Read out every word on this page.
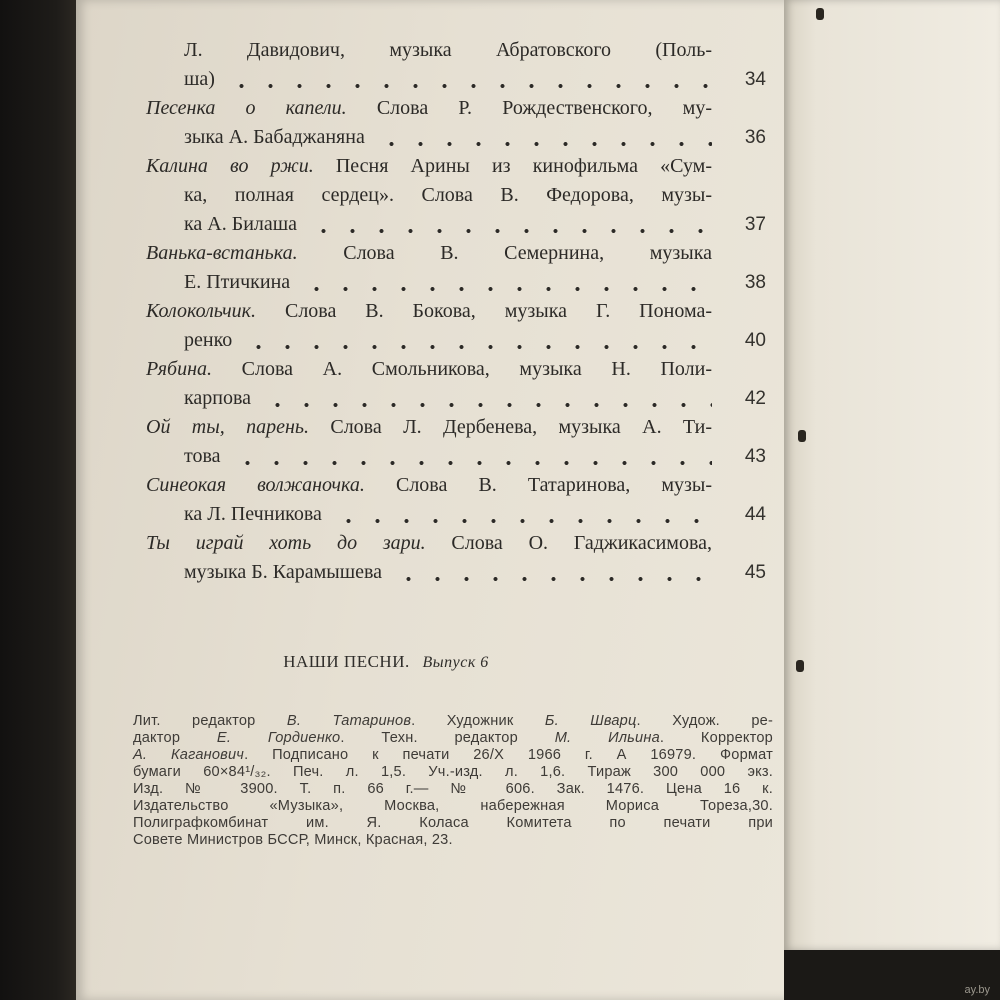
Л. Давидович, музыка Абратовского (Поль-
ша)	34
Песенка о капели. Слова Р. Рождественского, му-
зыка А. Бабаджаняна	36
Калина во ржи. Песня Арины из кинофильма «Сум-
ка, полная сердец». Слова В. Федорова, музы-
ка А. Билаша	37
Ванька-встанька. Слова В. Семернина, музыка
Е. Птичкина	38
Колокольчик. Слова В. Бокова, музыка Г. Понома-
ренко	40
Рябина. Слова А. Смольникова, музыка Н. Поли-
карпова	42
Ой ты, парень. Слова Л. Дербенева, музыка А. Ти-
това	43
Синеокая волжаночка. Слова В. Татаринова, музы-
ка Л. Печникова	44
Ты играй хоть до зари. Слова О. Гаджикасимова,
музыка Б. Карамышева	45
НАШИ ПЕСНИ. Выпуск 6
Лит. редактор В. Татаринов. Художник Б. Шварц. Худож. ре-
дактор Е. Гордиенко. Техн. редактор М. Ильина. Корректор
А. Каганович. Подписано к печати 26/X 1966 г. А 16979. Формат
бумаги 60×84¹/₃₂. Печ. л. 1,5. Уч.-изд. л. 1,6. Тираж 300 000 экз.
Изд. № 3900. Т. п. 66 г.— № 606. Зак. 1476. Цена 16 к.
Издательство «Музыка», Москва, набережная Мориса Тореза,30.
Полиграфкомбинат им. Я. Коласа Комитета по печати при
Совете Министров БССР, Минск, Красная, 23.
ay.by
